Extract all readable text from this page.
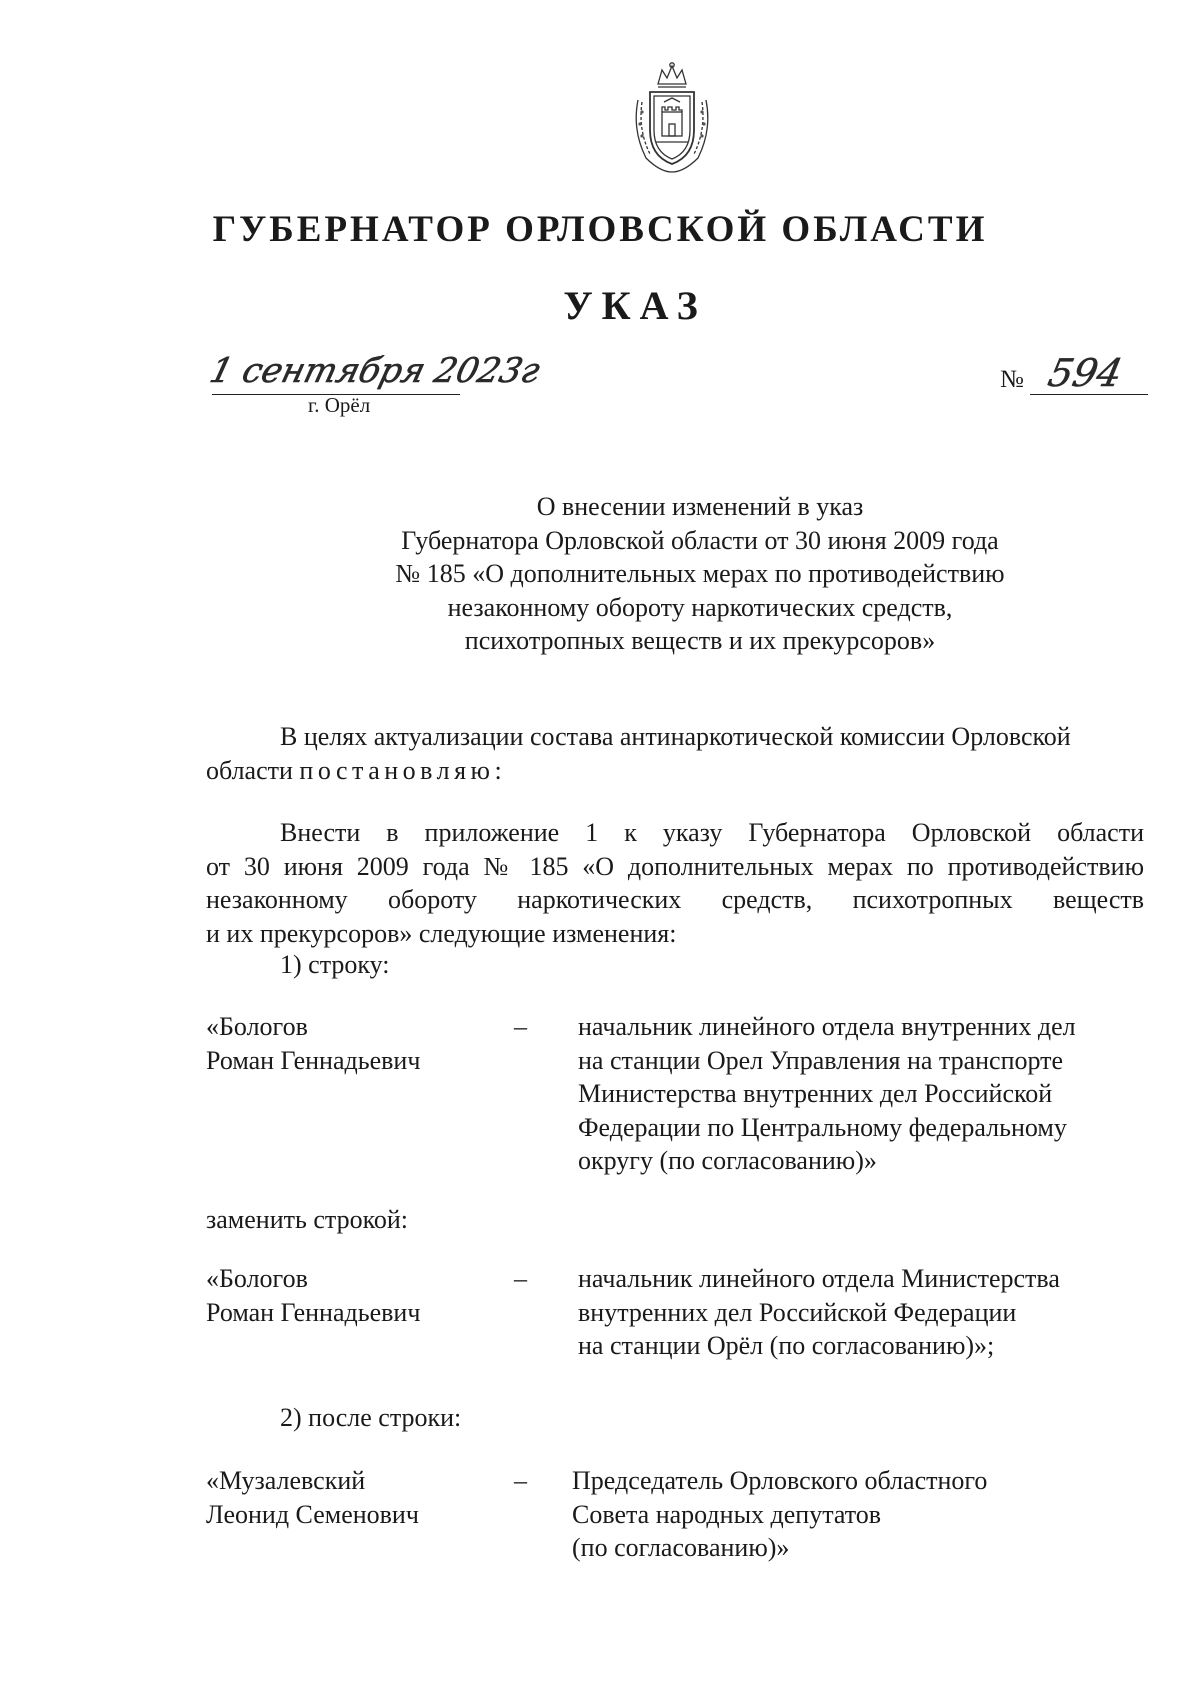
ГУБЕРНАТОР ОРЛОВСКОЙ ОБЛАСТИ
УКАЗ
1 сентября 2023г
г. Орёл
№ 594
О внесении изменений в указ
Губернатора Орловской области от 30 июня 2009 года
№ 185 «О дополнительных мерах по противодействию
незаконному обороту наркотических средств,
психотропных веществ и их прекурсоров»
В целях актуализации состава антинаркотической комиссии Орловской
области постановляю:
Внести в приложение 1 к указу Губернатора Орловской области
от 30 июня 2009 года № 185 «О дополнительных мерах по противодействию
незаконному обороту наркотических средств, психотропных веществ
и их прекурсоров» следующие изменения:
1) строку:
«Бологов
Роман Геннадьевич
– начальник линейного отдела внутренних дел
на станции Орел Управления на транспорте
Министерства внутренних дел Российской
Федерации по Центральному федеральному
округу (по согласованию)»
заменить строкой:
«Бологов
Роман Геннадьевич
– начальник линейного отдела Министерства
внутренних дел Российской Федерации
на станции Орёл (по согласованию)»;
2) после строки:
«Музалевский
Леонид Семенович
– Председатель Орловского областного
Совета народных депутатов
(по согласованию)»
